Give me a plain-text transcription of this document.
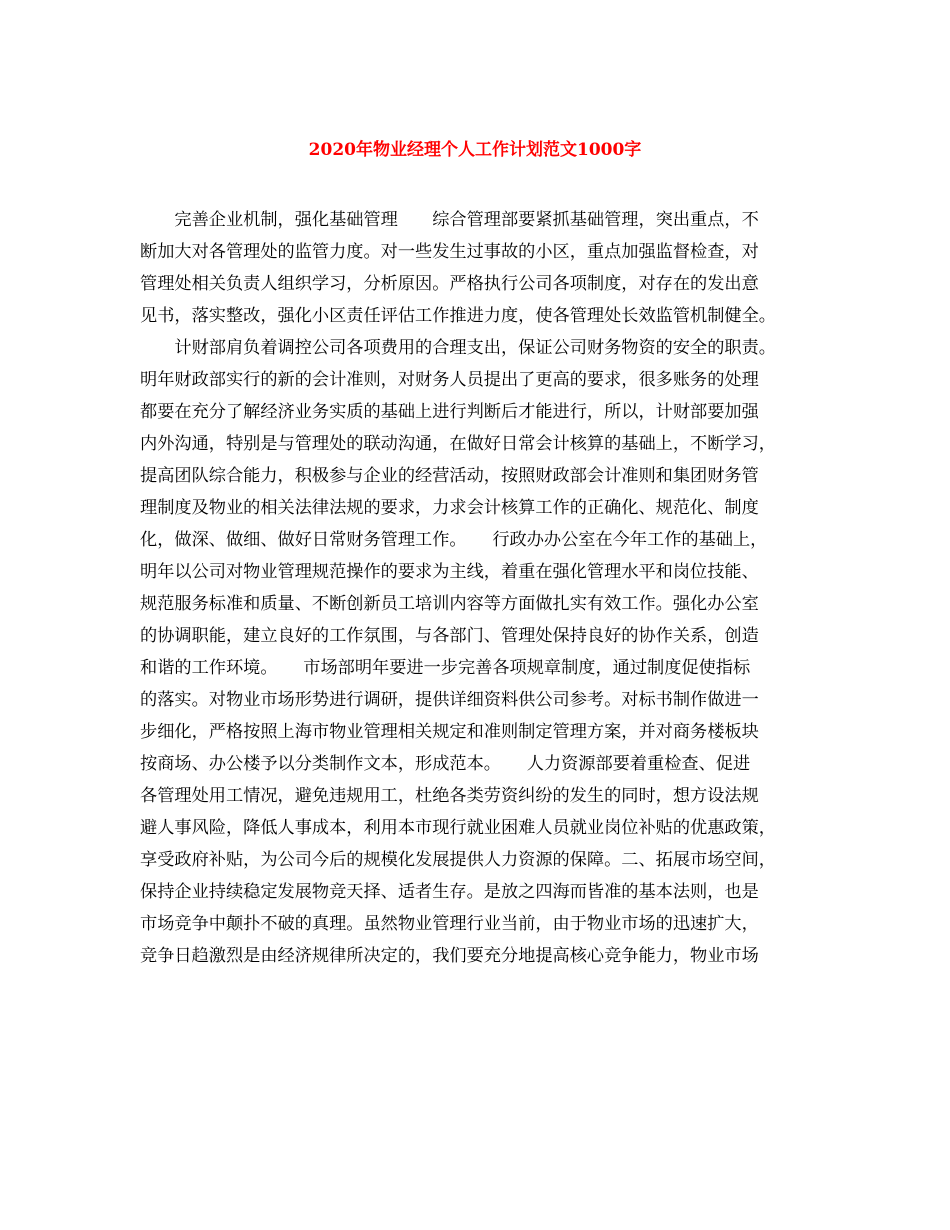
2020年物业经理个人工作计划范文1000字
　　完善企业机制，强化基础管理　　综合管理部要紧抓基础管理，突出重点，不
断加大对各管理处的监管力度。对一些发生过事故的小区，重点加强监督检查，对
管理处相关负责人组织学习，分析原因。严格执行公司各项制度，对存在的发出意
见书，落实整改，强化小区责任评估工作推进力度，使各管理处长效监管机制健全。
　　计财部肩负着调控公司各项费用的合理支出，保证公司财务物资的安全的职责。
明年财政部实行的新的会计准则，对财务人员提出了更高的要求，很多账务的处理
都要在充分了解经济业务实质的基础上进行判断后才能进行，所以，计财部要加强
内外沟通，特别是与管理处的联动沟通，在做好日常会计核算的基础上，不断学习，
提高团队综合能力，积极参与企业的经营活动，按照财政部会计准则和集团财务管
理制度及物业的相关法律法规的要求，力求会计核算工作的正确化、规范化、制度
化，做深、做细、做好日常财务管理工作。　　行政办办公室在今年工作的基础上，
明年以公司对物业管理规范操作的要求为主线，着重在强化管理水平和岗位技能、
规范服务标准和质量、不断创新员工培训内容等方面做扎实有效工作。强化办公室
的协调职能，建立良好的工作氛围，与各部门、管理处保持良好的协作关系，创造
和谐的工作环境。　　市场部明年要进一步完善各项规章制度，通过制度促使指标
的落实。对物业市场形势进行调研，提供详细资料供公司参考。对标书制作做进一
步细化，严格按照上海市物业管理相关规定和准则制定管理方案，并对商务楼板块
按商场、办公楼予以分类制作文本，形成范本。　　人力资源部要着重检查、促进
各管理处用工情况，避免违规用工，杜绝各类劳资纠纷的发生的同时，想方设法规
避人事风险，降低人事成本，利用本市现行就业困难人员就业岗位补贴的优惠政策，
享受政府补贴，为公司今后的规模化发展提供人力资源的保障。二、拓展市场空间，
保持企业持续稳定发展物竞天择、适者生存。是放之四海而皆准的基本法则，也是
市场竞争中颠扑不破的真理。虽然物业管理行业当前，由于物业市场的迅速扩大，
竞争日趋激烈是由经济规律所决定的，我们要充分地提高核心竞争能力，物业市场
